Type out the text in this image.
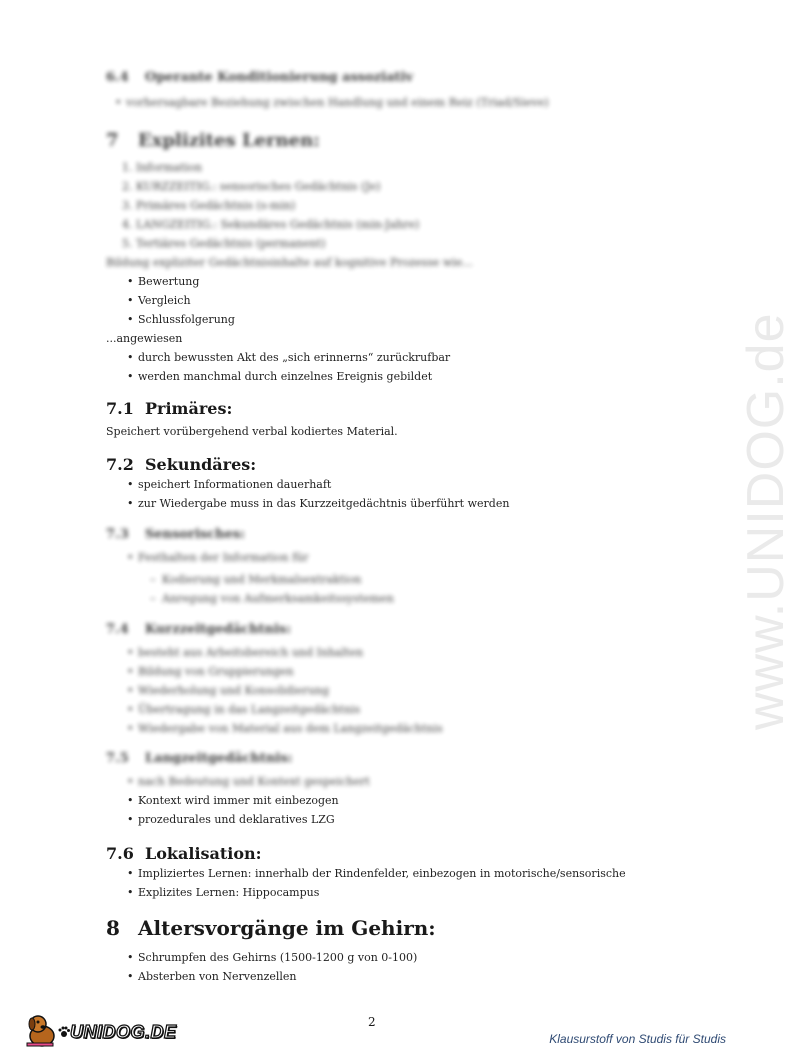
www.UNIDOG.de
6.4 Operante Konditionierung assoziativ
• vorhersagbare Beziehung zwischen Handlung und einem Reiz (Triad/Sieve)
7 Explizites Lernen:
1. Information
2. KURZZEITIG.: sensorisches Gedächtnis (Je)
3. Primäres Gedächtnis (s-min)
4. LANGZEITIG.: Sekundäres Gedächtnis (min-Jahre)
5. Tertiäres Gedächtnis (permanent)
Bildung expliziter Gedächtnisinhalte auf kognitive Prozesse wie...
• Bewertung
• Vergleich
• Schlussfolgerung
...angewiesen
• durch bewussten Akt des „sich erinnerns“ zurückrufbar
• werden manchmal durch einzelnes Ereignis gebildet
7.1 Primäres:
Speichert vorübergehend verbal kodiertes Material.
7.2 Sekundäres:
• speichert Informationen dauerhaft
• zur Wiedergabe muss in das Kurzzeitgedächtnis überführt werden
7.3 Sensorisches:
• Festhalten der Information für
– Kodierung und Merkmalsextraktion
– Anregung von Aufmerksamkeitssystemen
7.4 Kurzzeitgedächtnis:
• besteht aus Arbeitsbereich und Inhalten
• Bildung von Gruppierungen
• Wiederholung und Konsolidierung
• Übertragung in das Langzeitgedächtnis
• Wiedergabe von Material aus dem Langzeitgedächtnis
7.5 Langzeitgedächtnis:
• nach Bedeutung und Kontext gespeichert
• Kontext wird immer mit einbezogen
• prozedurales und deklaratives LZG
7.6 Lokalisation:
• Impliziertes Lernen: innerhalb der Rindenfelder, einbezogen in motorische/sensorische
• Explizites Lernen: Hippocampus
8 Altersvorgänge im Gehirn:
• Schrumpfen des Gehirns (1500-1200 g von 0-100)
• Absterben von Nervenzellen
2
UNIDOG.DE	Klausurstoff von Studis für Studis
